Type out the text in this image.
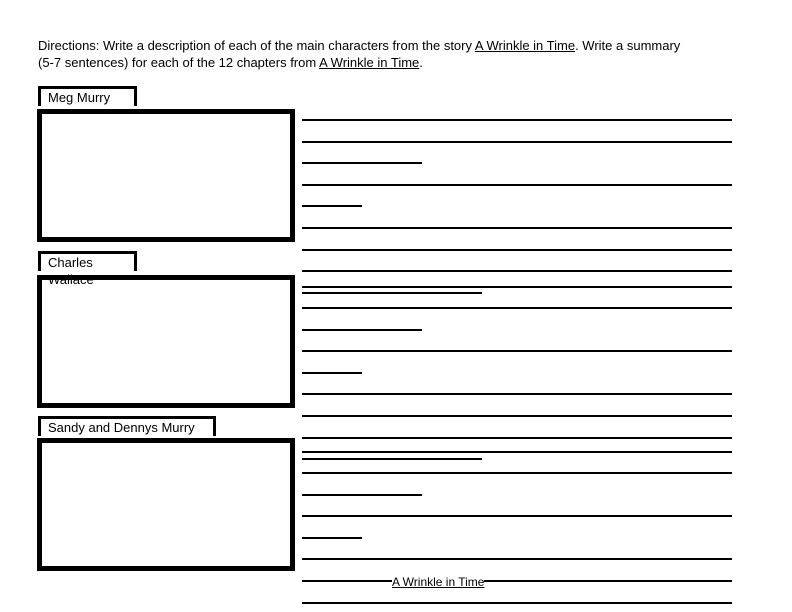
Directions: Write a description of each of the main characters from the story A Wrinkle in Time. Write a summary
(5-7 sentences) for each of the 12 chapters from A Wrinkle in Time.
Meg Murry
Charles
Wallace
Sandy and Dennys Murry
A Wrinkle in Time
